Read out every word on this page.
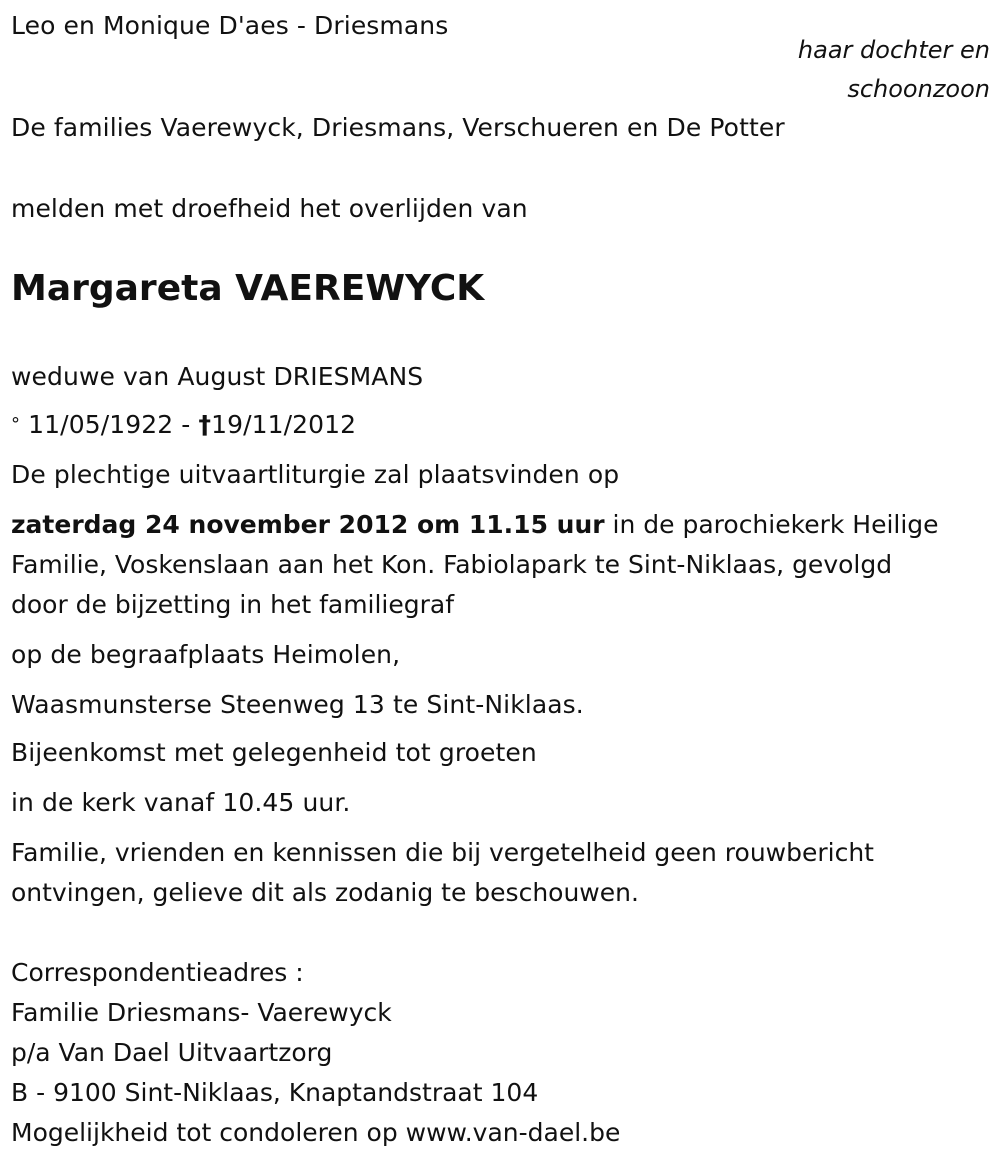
Leo en Monique D'aes - Driesmans
haar dochter en
schoonzoon
De families Vaerewyck, Driesmans, Verschueren en De Potter
melden met droefheid het overlijden van
Margareta VAEREWYCK
weduwe van August DRIESMANS
° 11/05/1922 - †19/11/2012
De plechtige uitvaartliturgie zal plaatsvinden op
zaterdag 24 november 2012 om 11.15 uur in de parochiekerk Heilige
Familie, Voskenslaan aan het Kon. Fabiolapark te Sint-Niklaas, gevolgd
door de bijzetting in het familiegraf
op de begraafplaats Heimolen,
Waasmunsterse Steenweg 13 te Sint-Niklaas.
Bijeenkomst met gelegenheid tot groeten
in de kerk vanaf 10.45 uur.
Familie, vrienden en kennissen die bij vergetelheid geen rouwbericht
ontvingen, gelieve dit als zodanig te beschouwen.
Correspondentieadres :
Familie Driesmans- Vaerewyck
p/a Van Dael Uitvaartzorg
B - 9100 Sint-Niklaas, Knaptandstraat 104
Mogelijkheid tot condoleren op www.van-dael.be
